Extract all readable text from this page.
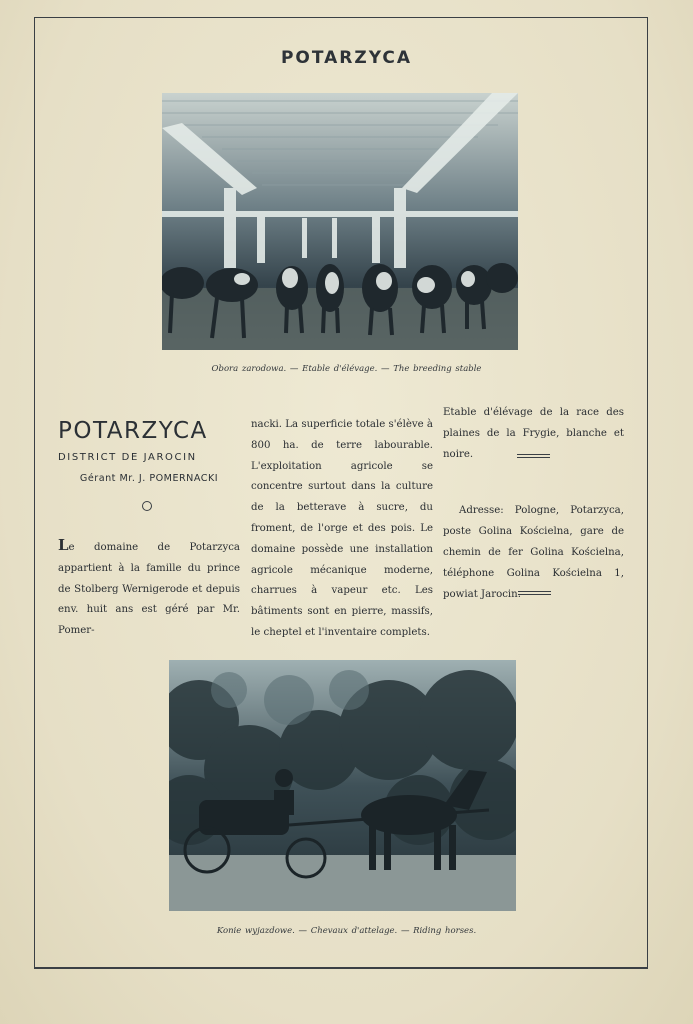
POTARZYCA
Obora zarodowa. — Etable d'élévage. — The breeding stable
POTARZYCA
DISTRICT DE JAROCIN
Gérant Mr. J. POMERNACKI

Le domaine de Potarzyca appartient à la famille du prince de Stolberg Wernigerode et depuis env. huit ans est géré par Mr. Pomer-

nacki. La superficie totale s'élève à 800 ha. de terre labourable. L'exploitation agricole se concentre surtout dans la culture de la betterave à sucre, du froment, de l'orge et des pois. Le domaine possède une installation agricole mécanique moderne, charrues à vapeur etc. Les bâtiments sont en pierre, massifs, le cheptel et l'inventaire complets.

Etable d'élévage de la race des plaines de la Frygie, blanche et noire.

Adresse: Pologne, Potarzyca, poste Golina Kościelna, gare de chemin de fer Golina Kościelna, téléphone Golina Kościelna 1, powiat Jarocin.

Konie wyjazdowe. — Chevaux d'attelage. — Riding horses.
